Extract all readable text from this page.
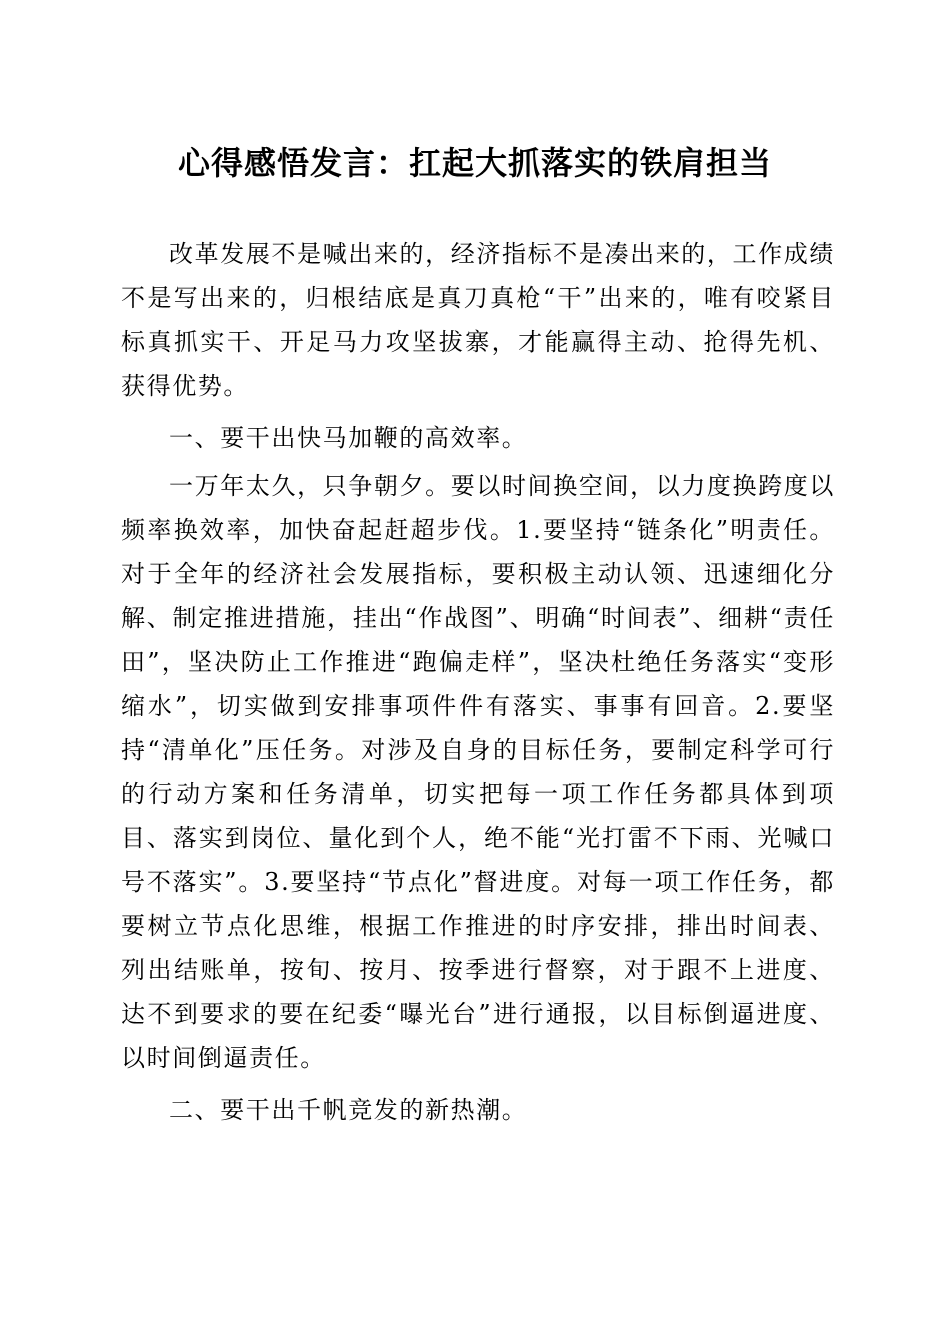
心得感悟发言：扛起大抓落实的铁肩担当

改革发展不是喊出来的，经济指标不是凑出来的，工作成绩不是写出来的，归根结底是真刀真枪“干”出来的，唯有咬紧目标真抓实干、开足马力攻坚拔寨，才能赢得主动、抢得先机、获得优势。

一、要干出快马加鞭的高效率。

一万年太久，只争朝夕。要以时间换空间，以力度换跨度以频率换效率，加快奋起赶超步伐。1.要坚持“链条化”明责任。对于全年的经济社会发展指标，要积极主动认领、迅速细化分解、制定推进措施，挂出“作战图”、明确“时间表”、细耕“责任田”，坚决防止工作推进“跑偏走样”，坚决杜绝任务落实“变形缩水”，切实做到安排事项件件有落实、事事有回音。2.要坚持“清单化”压任务。对涉及自身的目标任务，要制定科学可行的行动方案和任务清单，切实把每一项工作任务都具体到项目、落实到岗位、量化到个人，绝不能“光打雷不下雨、光喊口号不落实”。3.要坚持“节点化”督进度。对每一项工作任务，都要树立节点化思维，根据工作推进的时序安排，排出时间表、列出结账单，按旬、按月、按季进行督察，对于跟不上进度、达不到要求的要在纪委“曝光台”进行通报，以目标倒逼进度、以时间倒逼责任。

二、要干出千帆竞发的新热潮。
